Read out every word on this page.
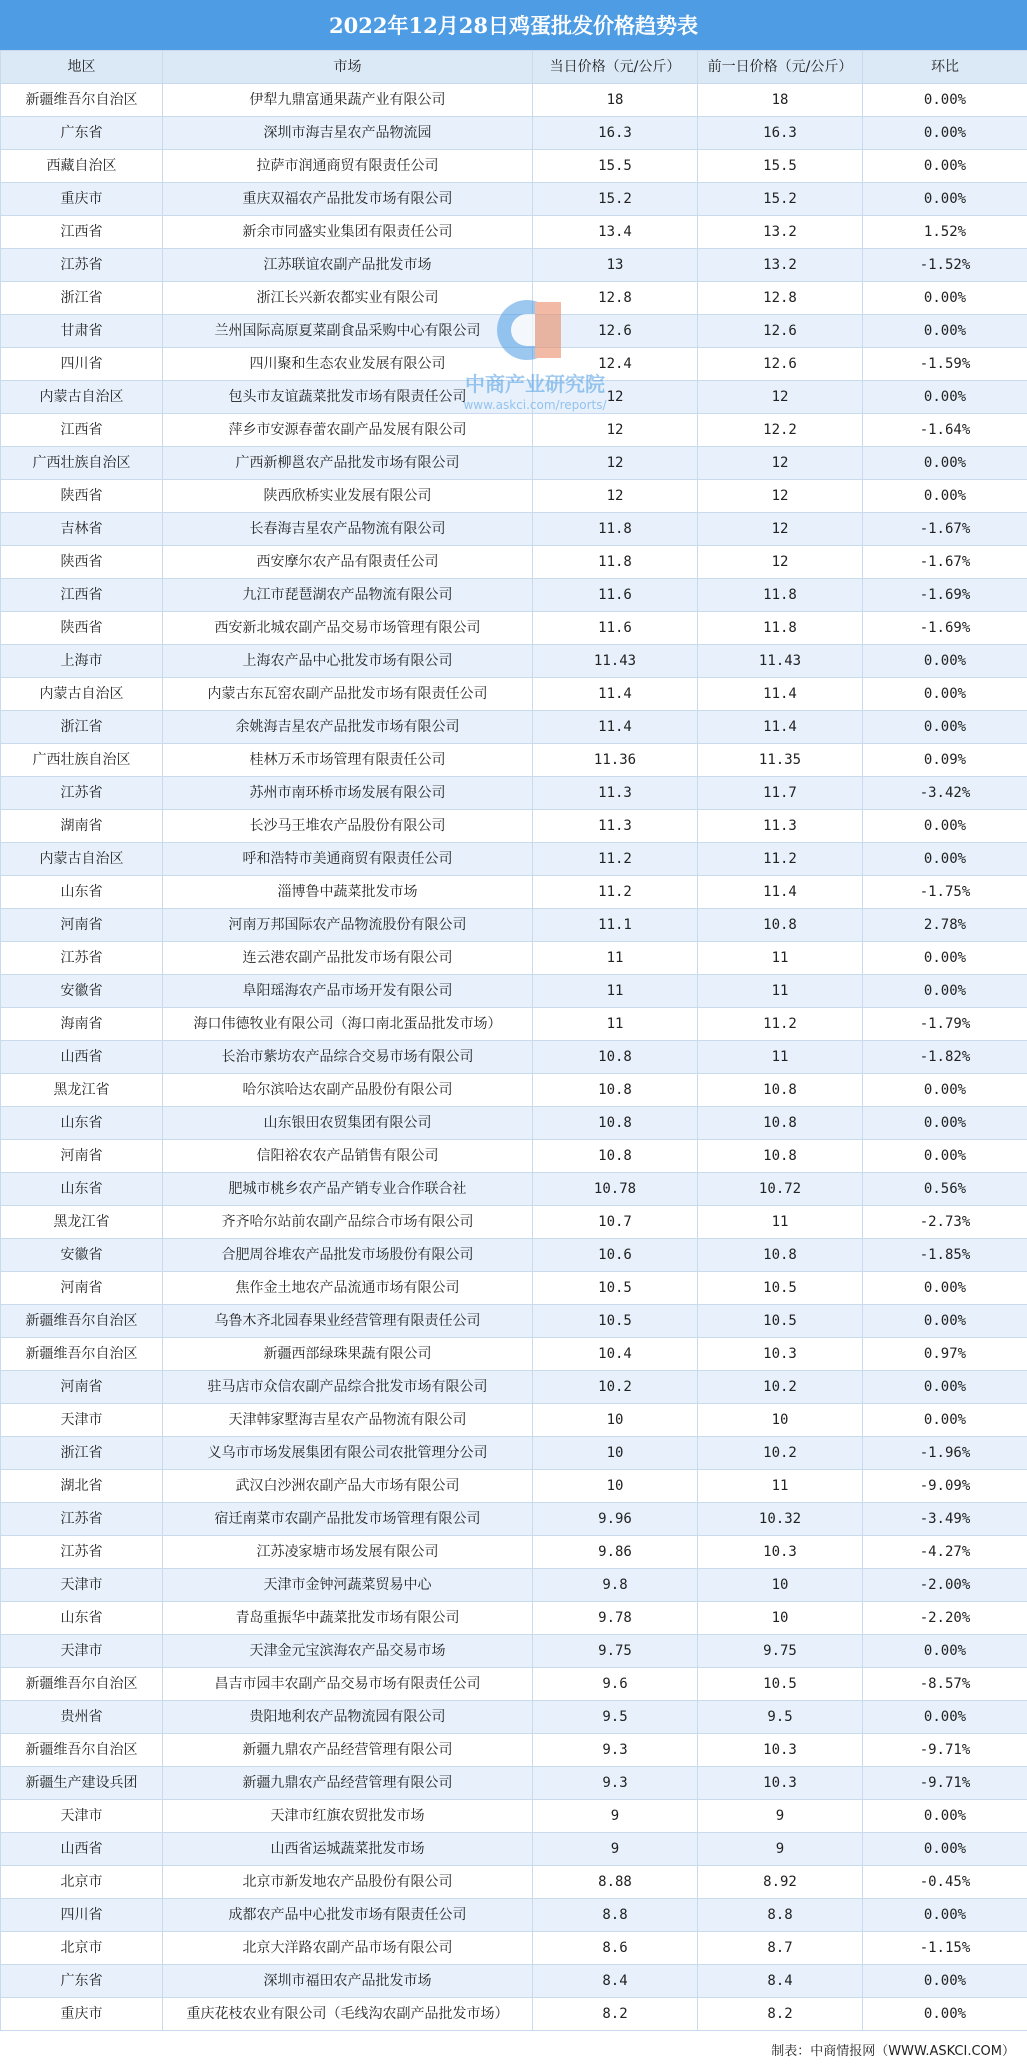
2022年12月28日鸡蛋批发价格趋势表
地区	市场	当日价格（元/公斤）	前一日价格（元/公斤）	环比
新疆维吾尔自治区	伊犁九鼎富通果蔬产业有限公司	18	18	0.00%
广东省	深圳市海吉星农产品物流园	16.3	16.3	0.00%
西藏自治区	拉萨市润通商贸有限责任公司	15.5	15.5	0.00%
重庆市	重庆双福农产品批发市场有限公司	15.2	15.2	0.00%
江西省	新余市同盛实业集团有限责任公司	13.4	13.2	1.52%
江苏省	江苏联谊农副产品批发市场	13	13.2	-1.52%
浙江省	浙江长兴新农都实业有限公司	12.8	12.8	0.00%
甘肃省	兰州国际高原夏菜副食品采购中心有限公司	12.6	12.6	0.00%
四川省	四川聚和生态农业发展有限公司	12.4	12.6	-1.59%
内蒙古自治区	包头市友谊蔬菜批发市场有限责任公司	12	12	0.00%
江西省	萍乡市安源春蕾农副产品发展有限公司	12	12.2	-1.64%
广西壮族自治区	广西新柳邕农产品批发市场有限公司	12	12	0.00%
陕西省	陕西欣桥实业发展有限公司	12	12	0.00%
吉林省	长春海吉星农产品物流有限公司	11.8	12	-1.67%
陕西省	西安摩尔农产品有限责任公司	11.8	12	-1.67%
江西省	九江市琵琶湖农产品物流有限公司	11.6	11.8	-1.69%
陕西省	西安新北城农副产品交易市场管理有限公司	11.6	11.8	-1.69%
上海市	上海农产品中心批发市场有限公司	11.43	11.43	0.00%
内蒙古自治区	内蒙古东瓦窑农副产品批发市场有限责任公司	11.4	11.4	0.00%
浙江省	余姚海吉星农产品批发市场有限公司	11.4	11.4	0.00%
广西壮族自治区	桂林万禾市场管理有限责任公司	11.36	11.35	0.09%
江苏省	苏州市南环桥市场发展有限公司	11.3	11.7	-3.42%
湖南省	长沙马王堆农产品股份有限公司	11.3	11.3	0.00%
内蒙古自治区	呼和浩特市美通商贸有限责任公司	11.2	11.2	0.00%
山东省	淄博鲁中蔬菜批发市场	11.2	11.4	-1.75%
河南省	河南万邦国际农产品物流股份有限公司	11.1	10.8	2.78%
江苏省	连云港农副产品批发市场有限公司	11	11	0.00%
安徽省	阜阳瑶海农产品市场开发有限公司	11	11	0.00%
海南省	海口伟德牧业有限公司（海口南北蛋品批发市场）	11	11.2	-1.79%
山西省	长治市紫坊农产品综合交易市场有限公司	10.8	11	-1.82%
黑龙江省	哈尔滨哈达农副产品股份有限公司	10.8	10.8	0.00%
山东省	山东银田农贸集团有限公司	10.8	10.8	0.00%
河南省	信阳裕农农产品销售有限公司	10.8	10.8	0.00%
山东省	肥城市桃乡农产品产销专业合作联合社	10.78	10.72	0.56%
黑龙江省	齐齐哈尔站前农副产品综合市场有限公司	10.7	11	-2.73%
安徽省	合肥周谷堆农产品批发市场股份有限公司	10.6	10.8	-1.85%
河南省	焦作金土地农产品流通市场有限公司	10.5	10.5	0.00%
新疆维吾尔自治区	乌鲁木齐北园春果业经营管理有限责任公司	10.5	10.5	0.00%
新疆维吾尔自治区	新疆西部绿珠果蔬有限公司	10.4	10.3	0.97%
河南省	驻马店市众信农副产品综合批发市场有限公司	10.2	10.2	0.00%
天津市	天津韩家墅海吉星农产品物流有限公司	10	10	0.00%
浙江省	义乌市市场发展集团有限公司农批管理分公司	10	10.2	-1.96%
湖北省	武汉白沙洲农副产品大市场有限公司	10	11	-9.09%
江苏省	宿迁南菜市农副产品批发市场管理有限公司	9.96	10.32	-3.49%
江苏省	江苏凌家塘市场发展有限公司	9.86	10.3	-4.27%
天津市	天津市金钟河蔬菜贸易中心	9.8	10	-2.00%
山东省	青岛重振华中蔬菜批发市场有限公司	9.78	10	-2.20%
天津市	天津金元宝滨海农产品交易市场	9.75	9.75	0.00%
新疆维吾尔自治区	昌吉市园丰农副产品交易市场有限责任公司	9.6	10.5	-8.57%
贵州省	贵阳地利农产品物流园有限公司	9.5	9.5	0.00%
新疆维吾尔自治区	新疆九鼎农产品经营管理有限公司	9.3	10.3	-9.71%
新疆生产建设兵团	新疆九鼎农产品经营管理有限公司	9.3	10.3	-9.71%
天津市	天津市红旗农贸批发市场	9	9	0.00%
山西省	山西省运城蔬菜批发市场	9	9	0.00%
北京市	北京市新发地农产品股份有限公司	8.88	8.92	-0.45%
四川省	成都农产品中心批发市场有限责任公司	8.8	8.8	0.00%
北京市	北京大洋路农副产品市场有限公司	8.6	8.7	-1.15%
广东省	深圳市福田农产品批发市场	8.4	8.4	0.00%
重庆市	重庆花枝农业有限公司（毛线沟农副产品批发市场）	8.2	8.2	0.00%
中商产业研究院
www.askci.com/reports/
制表：中商情报网（WWW.ASKCI.COM）
